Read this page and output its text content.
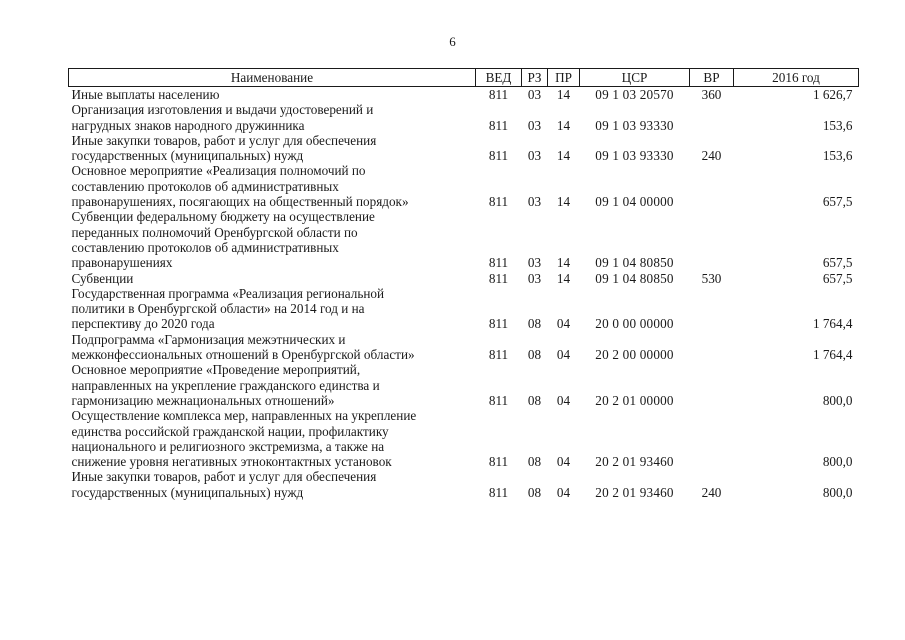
6
Наименование	ВЕД	РЗ	ПР	ЦСР	ВР	2016 год
Иные выплаты населению	811	03	14	09 1 03 20570	360	1 626,7
Организация изготовления и выдачи удостоверений и
нагрудных знаков народного дружинника	811	03	14	09 1 03 93330		153,6
Иные закупки товаров, работ и услуг для обеспечения
государственных (муниципальных) нужд	811	03	14	09 1 03 93330	240	153,6
Основное мероприятие «Реализация полномочий по
составлению протоколов об административных
правонарушениях, посягающих на общественный порядок»	811	03	14	09 1 04 00000		657,5
Субвенции федеральному бюджету на осуществление
переданных полномочий Оренбургской области по
составлению протоколов об административных
правонарушениях	811	03	14	09 1 04 80850		657,5
Субвенции	811	03	14	09 1 04 80850	530	657,5
Государственная программа «Реализация региональной
политики в Оренбургской области» на 2014 год и на
перспективу до 2020 года	811	08	04	20 0 00 00000		1 764,4
Подпрограмма «Гармонизация межэтнических и
межконфессиональных отношений в Оренбургской области»	811	08	04	20 2 00 00000		1 764,4
Основное мероприятие «Проведение мероприятий,
направленных на укрепление гражданского единства и
гармонизацию межнациональных отношений»	811	08	04	20 2 01 00000		800,0
Осуществление комплекса мер, направленных на укрепление
единства российской гражданской нации, профилактику
национального и религиозного экстремизма, а также на
снижение уровня негативных этноконтактных установок	811	08	04	20 2 01 93460		800,0
Иные закупки товаров, работ и услуг для обеспечения
государственных (муниципальных) нужд	811	08	04	20 2 01 93460	240	800,0
